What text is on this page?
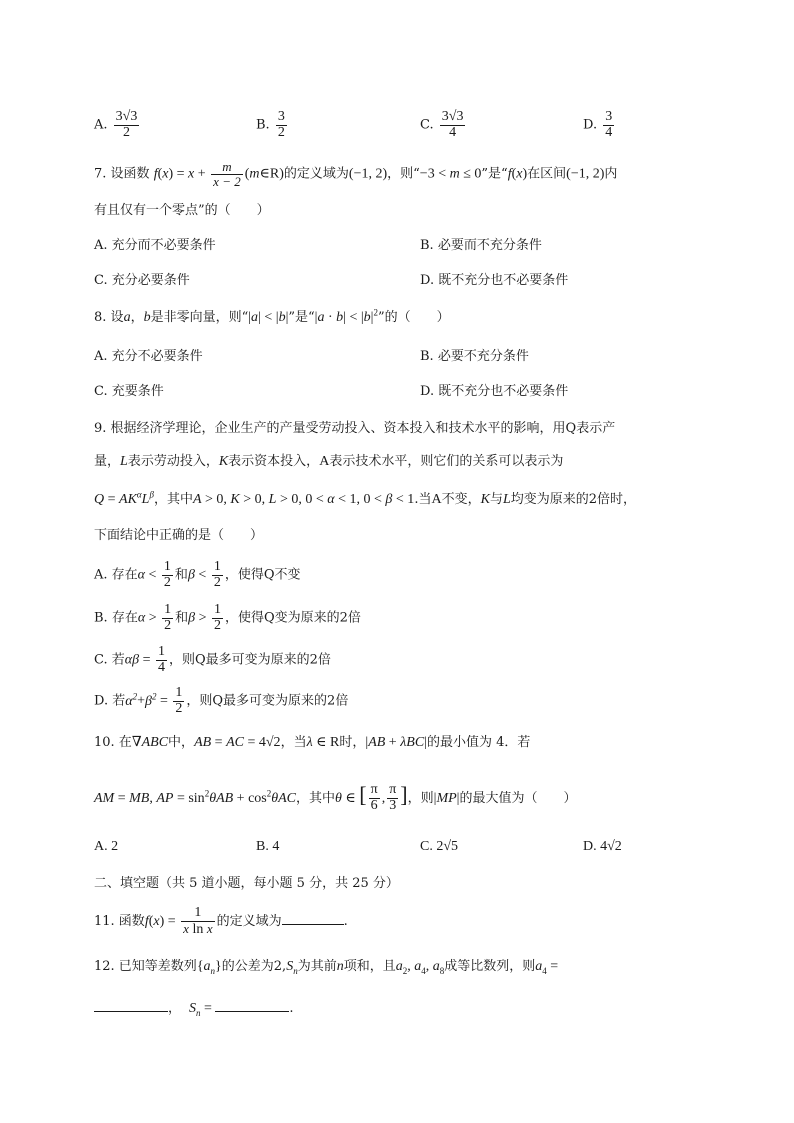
A. $\frac{3√3}{2}$	B. $\frac{3}{2}$	C. $\frac{3√3}{4}$	D. $\frac{3}{4}$
7. 设函数 $f(x) = x + \frac{m}{x - 2}$ (m∈R)的定义域为(−1, 2)，则“−3 < m ≤ 0”是“f(x)在区间(−1, 2)内
有且仅有一个零点”的（　　）
A. 充分而不必要条件	B. 必要而不充分条件
C. 充分必要条件	D. 既不充分也不必要条件
8. 设a，b是非零向量，则“|a| < |b|”是“$|a \cdot b| < |b|^2$”的（　　）
A. 充分不必要条件	B. 必要不充分条件
C. 充要条件	D. 既不充分也不必要条件
9. 根据经济学理论，企业生产的产量受劳动投入、资本投入和技术水平的影响，用Q表示产
量，L表示劳动投入，K表示资本投入，A表示技术水平，则它们的关系可以表示为
$Q = AK^\alpha L^\beta$，其中A > 0, K > 0, L > 0, 0 < α < 1, 0 < β < 1.当A不变，K与L均变为原来的2倍时，
下面结论中正确的是（　　）
A. 存在$\alpha < \frac{1}{2}$ 和$\beta < \frac{1}{2}$ ，使得Q不变
B. 存在$\alpha > \frac{1}{2}$ 和$\beta > \frac{1}{2}$ ，使得Q变为原来的2倍
C. 若$\alpha\beta = \frac{1}{4}$ ，则Q最多可变为原来的2倍
D. 若$\alpha^2+\beta^2 = \frac{1}{2}$ ，则Q最多可变为原来的2倍
10. 在∇ABC中，AB = AC = 4√2，当λ ∈ R时，|AB + λBC|的最小值为 4．若
AM = MB, AP = $\sin^2\theta AB + \cos^2\theta AC$，其中θ ∈ [ $\frac{\pi}{6}$ , $\frac{\pi}{3}$ ]，则|MP|的最大值为（　　）
A. 2	B. 4	C. 2√5	D. 4√2
二、填空题（共 5 道小题，每小题 5 分，共 25 分）
11. 函数$f(x) = \frac{1}{\text{x ln x}}$ 的定义域为	.
12. 已知等差数列$\{a_n\}$的公差为$2,S_n$为其前n项和，且$a_2$, $a_4$, $a_8$成等比数列，则$a_4$ =
， $S_n$ =	.
